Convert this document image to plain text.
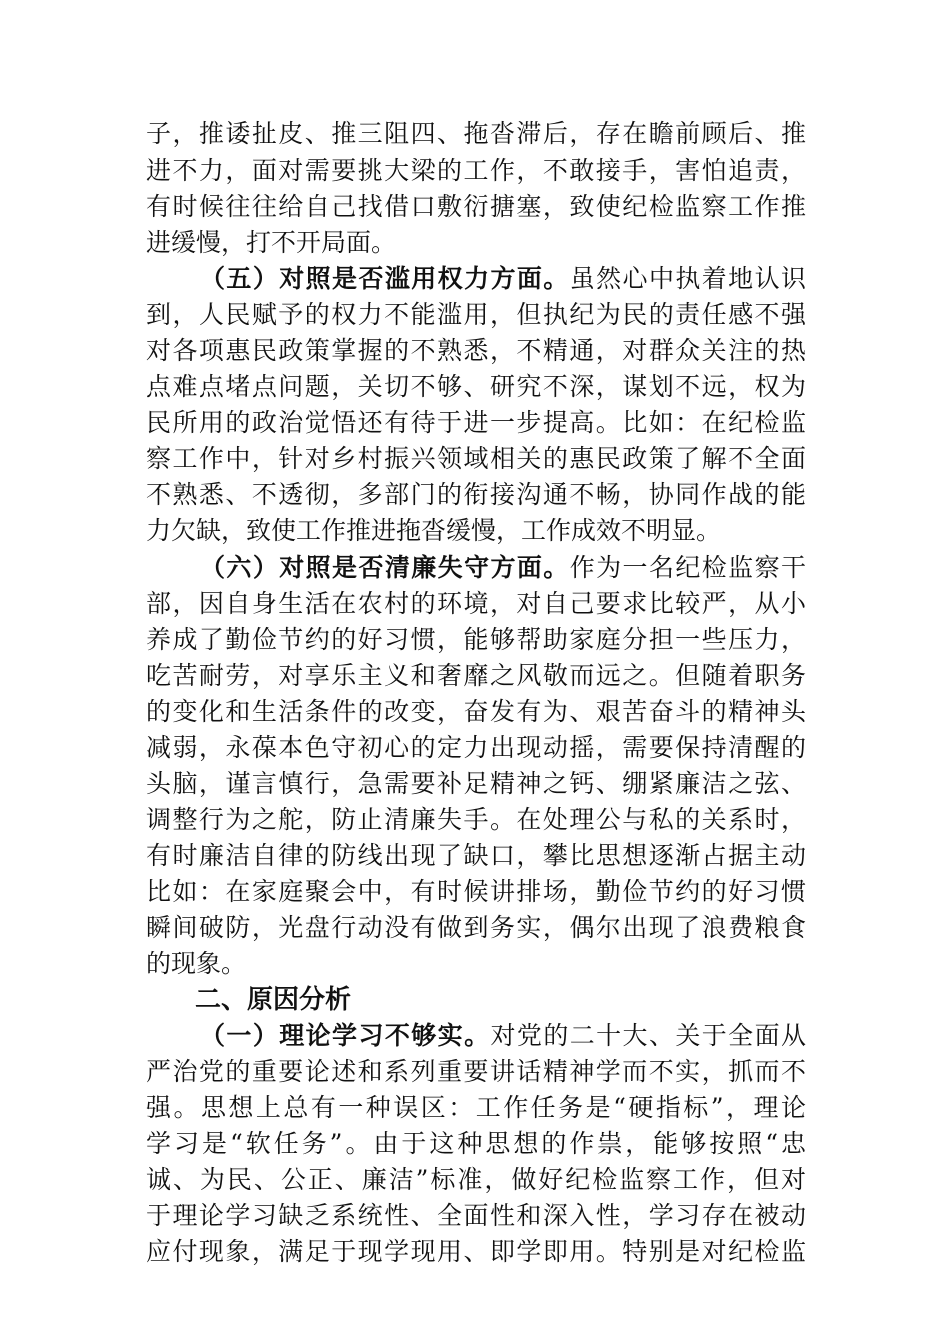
子，推诿扯皮、推三阻四、拖沓滞后，存在瞻前顾后、推
进不力，面对需要挑大梁的工作，不敢接手，害怕追责，
有时候往往给自己找借口敷衍搪塞，致使纪检监察工作推
进缓慢，打不开局面。
（五）对照是否滥用权力方面。虽然心中执着地认识
到，人民赋予的权力不能滥用，但执纪为民的责任感不强
对各项惠民政策掌握的不熟悉，不精通，对群众关注的热
点难点堵点问题，关切不够、研究不深，谋划不远，权为
民所用的政治觉悟还有待于进一步提高。比如：在纪检监
察工作中，针对乡村振兴领域相关的惠民政策了解不全面
不熟悉、不透彻，多部门的衔接沟通不畅，协同作战的能
力欠缺，致使工作推进拖沓缓慢，工作成效不明显。
（六）对照是否清廉失守方面。作为一名纪检监察干
部，因自身生活在农村的环境，对自己要求比较严，从小
养成了勤俭节约的好习惯，能够帮助家庭分担一些压力，
吃苦耐劳，对享乐主义和奢靡之风敬而远之。但随着职务
的变化和生活条件的改变，奋发有为、艰苦奋斗的精神头
减弱，永葆本色守初心的定力出现动摇，需要保持清醒的
头脑，谨言慎行，急需要补足精神之钙、绷紧廉洁之弦、
调整行为之舵，防止清廉失手。在处理公与私的关系时，
有时廉洁自律的防线出现了缺口，攀比思想逐渐占据主动
比如：在家庭聚会中，有时候讲排场，勤俭节约的好习惯
瞬间破防，光盘行动没有做到务实，偶尔出现了浪费粮食
的现象。
二、原因分析
（一）理论学习不够实。对党的二十大、关于全面从
严治党的重要论述和系列重要讲话精神学而不实，抓而不
强。思想上总有一种误区：工作任务是“硬指标”，理论
学习是“软任务”。由于这种思想的作祟，能够按照“忠
诚、为民、公正、廉洁”标准，做好纪检监察工作，但对
于理论学习缺乏系统性、全面性和深入性，学习存在被动
应付现象，满足于现学现用、即学即用。特别是对纪检监
